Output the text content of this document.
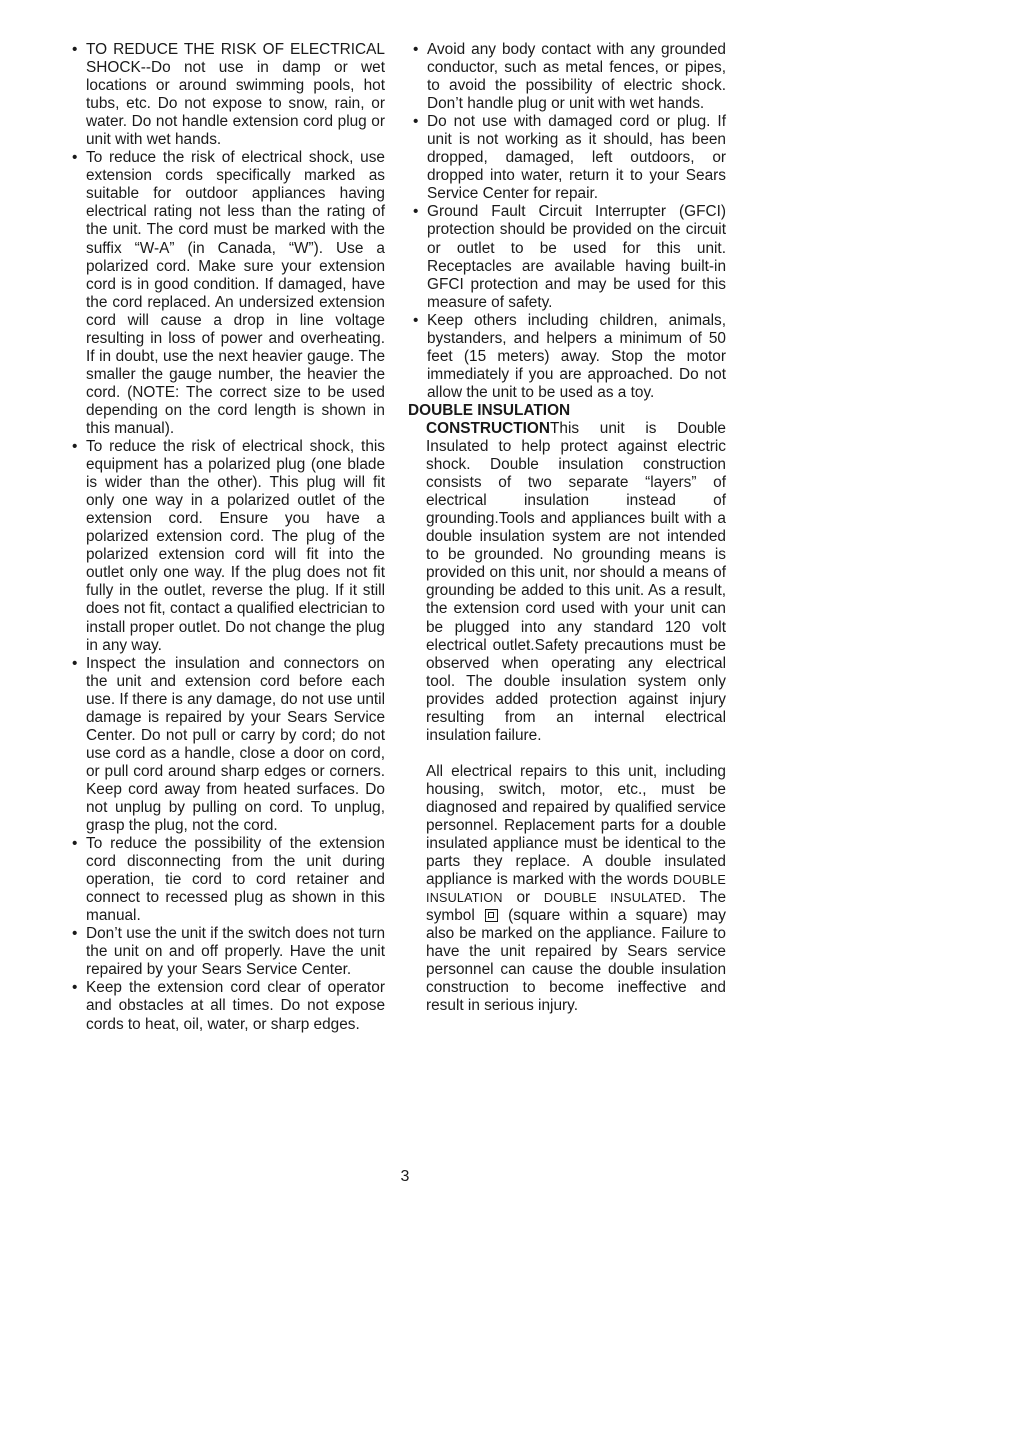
• TO REDUCE THE RISK OF ELECTRICAL SHOCK--Do not use in damp or wet locations or around swimming pools, hot tubs, etc. Do not expose to snow, rain, or water. Do not handle extension cord plug or unit with wet hands.
• To reduce the risk of electrical shock, use extension cords specifically marked as suitable for outdoor appliances having electrical rating not less than the rating of the unit. The cord must be marked with the suffix “W-A” (in Canada, “W”). Use a polarized cord. Make sure your extension cord is in good condition. If damaged, have the cord replaced. An undersized extension cord will cause a drop in line voltage resulting in loss of power and overheating. If in doubt, use the next heavier gauge. The smaller the gauge number, the heavier the cord. (NOTE: The correct size to be used depending on the cord length is shown in this manual).
• To reduce the risk of electrical shock, this equipment has a polarized plug (one blade is wider than the other). This plug will fit only one way in a polarized outlet of the extension cord. Ensure you have a polarized extension cord. The plug of the polarized extension cord will fit into the outlet only one way. If the plug does not fit fully in the outlet, reverse the plug. If it still does not fit, contact a qualified electrician to install proper outlet. Do not change the plug in any way.
• Inspect the insulation and connectors on the unit and extension cord before each use. If there is any damage, do not use until damage is repaired by your Sears Service Center. Do not pull or carry by cord; do not use cord as a handle, close a door on cord, or pull cord around sharp edges or corners. Keep cord away from heated surfaces. Do not unplug by pulling on cord. To unplug, grasp the plug, not the cord.
• To reduce the possibility of the extension cord disconnecting from the unit during operation, tie cord to cord retainer and connect to recessed plug as shown in this manual.
• Don’t use the unit if the switch does not turn the unit on and off properly. Have the unit repaired by your Sears Service Center.
• Keep the extension cord clear of operator and obstacles at all times. Do not expose cords to heat, oil, water, or sharp edges.
• Avoid any body contact with any grounded conductor, such as metal fences, or pipes, to avoid the possibility of electric shock. Don’t handle plug or unit with wet hands.
• Do not use with damaged cord or plug. If unit is not working as it should, has been dropped, damaged, left outdoors, or dropped into water, return it to your Sears Service Center for repair.
• Ground Fault Circuit Interrupter (GFCI) protection should be provided on the circuit or outlet to be used for this unit. Receptacles are available having built-in GFCI protection and may be used for this measure of safety.
• Keep others including children, animals, bystanders, and helpers a minimum of 50 feet (15 meters) away. Stop the motor immediately if you are approached. Do not allow the unit to be used as a toy.

DOUBLE INSULATION

CONSTRUCTIONThis unit is Double Insulated to help protect against electric shock. Double insulation construction consists of two separate “layers” of electrical insulation instead of grounding.Tools and appliances built with a double insulation system are not intended to be grounded. No grounding means is provided on this unit, nor should a means of grounding be added to this unit. As a result, the extension cord used with your unit can be plugged into any standard 120 volt electrical outlet.Safety precautions must be observed when operating any electrical tool. The double insulation system only provides added protection against injury resulting from an internal electrical insulation failure.

All electrical repairs to this unit, including housing, switch, motor, etc., must be diagnosed and repaired by qualified service personnel. Replacement parts for a double insulated appliance must be identical to the parts they replace. A double insulated appliance is marked with the words DOUBLE INSULATION or DOUBLE INSULATED. The symbol (square within a square) may also be marked on the appliance. Failure to have the unit repaired by Sears service personnel can cause the double insulation construction to become ineffective and result in serious injury.

3
